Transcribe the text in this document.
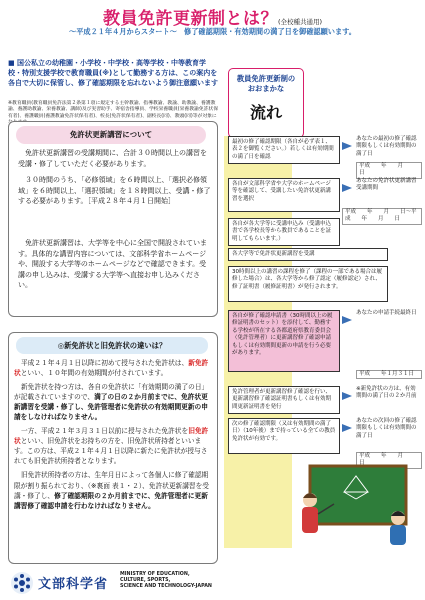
教員免許更新制とは？(全校種共通用)
～平成２１年４月からスタート～　修了確認期限・有効期間の満了日を御確認願います。
■ 国公私立の幼稚園・小学校・中学校・高等学校・中等教育学校・特別支援学校で教育職員(※)として勤務する方は、この案内を各自で大切に保管し、修了確認期限を忘れないよう御注意願います
※教育職員(教育職員免許法第２条第１項に規定する主幹教諭、指導教諭、教諭、助教諭、養護教諭、養護助教諭、栄養教諭、講師)及び実習助手、寄宿舎指導員、学校栄養職員(栄養教諭免許状保有者)、養護職員(養護教諭免許状保有者)、校長(免許状保有者)、副校長(同)、教頭(同)等が対象に
免許状更新講習について

免許状更新講習の受講期間に、合計３０時間以上の講習を受講・修了していただく必要があります。

３０時間のうち、「必修領域」を６時間以上、「選択必修領域」を６時間以上、「選択領域」を１８時間以上、受講・修了する必要があります。［平成２８年４月１日開始］

免許状更新講習は、大学等を中心に全国で開設されています。具体的な講習内容については、文部科学省ホームページや、開設する大学等のホームページなどで確認できます。受講の申し込みは、受講する大学等へ直接お申し込みください。
◎新免許状と旧免許状の違いは？

平成２１年４月１日以降に初めて授与された免許状は、新免許状といい、１０年間の有効期間が付されています。

新免許状を持つ方は、各自の免許状に「有効期間の満了の日」が記載されていますので、満了の日の２か月前までに、免許状更新講習を受講・修了し、免許管理者に免許状の有効期間更新の申請をしなければなりません。

一方、平成２１年３月３１日以前に授与された免許状を旧免許状といい、旧免許状をお持ちの方を、旧免許状所持者といいます。この方は、平成２１年４月１日以降に新たに免許状が授与されても旧免許状所持者となります。

旧免許状所持者の方は、生年月日によって各個人に修了確認期限が割り振られており、（※裏面 表１・２）、免許状更新講習を受講・修了し、修了確認期限の２か月前までに、免許管理者に更新講習修了確認申請を行わなければなりません。

教員免許更新制の
おおまかな
流れ
最初の修了確認期限（各自が必ず表１、表２を御覧ください。）若しくは有効期間の満了日を確認
あなたの最初の修了確認期限もしくは有効期間の満了日
平成　　年　　月　　日
各自が文部科学省や大学のホームページ等を確認して、受講したい免許状更新講習を選択
あなたの免許状更新講習受講期間
平成　　年　　月　　日～平成　　年　　月　　日
各自が各大学等に受講申込み（受講申込書で各学校長等から教員であることを証明してもらいます。）
各大学等で免許状更新講習を受講
30時間以上の講習の課程を修了（課程の一部である場合は履修した場合）は、各大学等から修了認定（履修認定）され、修了証明書（履修証明書）が発行されます。
各自が修了確認申請書（30時間以上の履修証明書のセット）を添付して、勤務する学校が所在する各都道府県教育委員会（免許管理者）に更新講習修了確認申請もしくは有効期間更新の申請を行う必要があります。
あなたの申請手続最終日
平成　　年１月３１日
免許管理者が更新講習修了確認を行い、更新講習修了確認証明書もしくは有効期間更新証明書を発行
※新免許状の方は、有効期間の満了日の２か月前
次の修了確認期限（又は有効期間の満了日）（10年後）まで持っている全ての教員免許状が有効です。
あなたの次回の修了確認期限もしくは有効期間の満了日
平成　　年　　月　　日
文部科学省
MINISTRY OF EDUCATION,
CULTURE, SPORTS,
SCIENCE AND TECHNOLOGY-JAPAN
